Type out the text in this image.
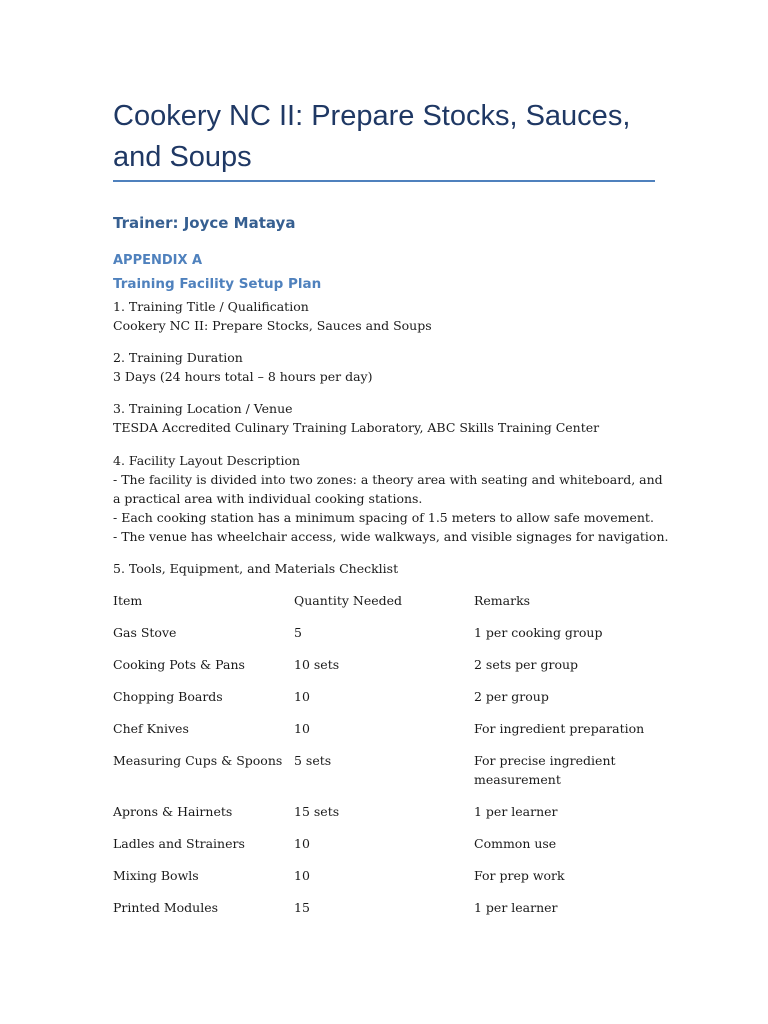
Cookery NC II: Prepare Stocks, Sauces, and Soups
Trainer: Joyce Mataya
APPENDIX A
Training Facility Setup Plan

1. Training Title / Qualification

Cookery NC II: Prepare Stocks, Sauces and Soups

2. Training Duration

3 Days (24 hours total – 8 hours per day)

3. Training Location / Venue

TESDA Accredited Culinary Training Laboratory, ABC Skills Training Center

4. Facility Layout Description

- The facility is divided into two zones: a theory area with seating and whiteboard, and a practical area with individual cooking stations.

- Each cooking station has a minimum spacing of 1.5 meters to allow safe movement.

- The venue has wheelchair access, wide walkways, and visible signages for navigation.

5. Tools, Equipment, and Materials Checklist

Item	Quantity Needed	Remarks
Gas Stove	5	1 per cooking group
Cooking Pots & Pans	10 sets	2 sets per group
Chopping Boards	10	2 per group
Chef Knives	10	For ingredient preparation
Measuring Cups & Spoons 5 sets	For precise ingredient measurement
Aprons & Hairnets	15 sets	1 per learner
Ladles and Strainers	10	Common use
Mixing Bowls	10	For prep work
Printed Modules	15	1 per learner
